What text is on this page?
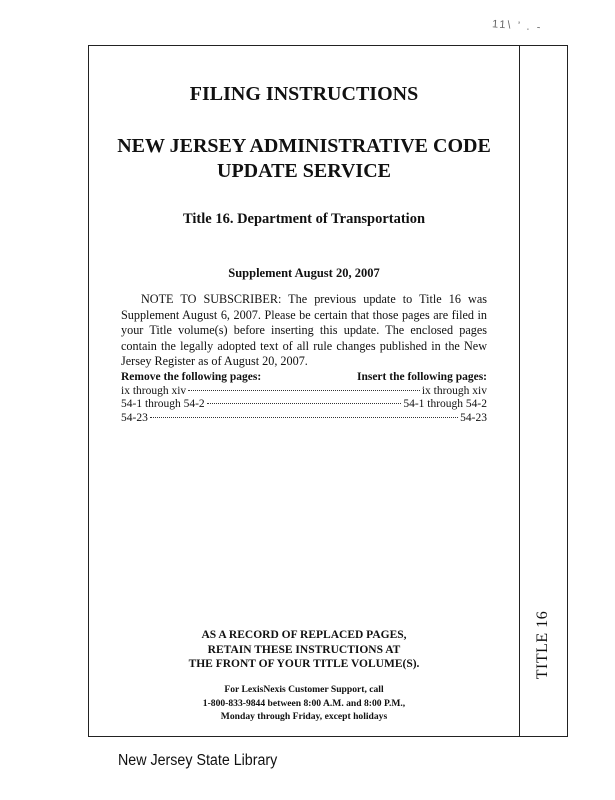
11\ ’ . -
TITLE 16
FILING INSTRUCTIONS
NEW JERSEY ADMINISTRATIVE CODE
UPDATE SERVICE
Title 16. Department of Transportation
Supplement August 20, 2007
NOTE TO SUBSCRIBER: The previous update to Title 16 was Supplement August 6, 2007. Please be certain that those pages are filed in your Title volume(s) before inserting this update. The enclosed pages contain the legally adopted text of all rule changes published in the New Jersey Register as of August 20, 2007.
Remove the following pages:	Insert the following pages:
ix through xiv	ix through xiv
54-1 through 54-2	54-1 through 54-2
54-23	54-23
AS A RECORD OF REPLACED PAGES,
RETAIN THESE INSTRUCTIONS AT
THE FRONT OF YOUR TITLE VOLUME(S).
For LexisNexis Customer Support, call
1-800-833-9844 between 8:00 A.M. and 8:00 P.M.,
Monday through Friday, except holidays
New Jersey State Library
